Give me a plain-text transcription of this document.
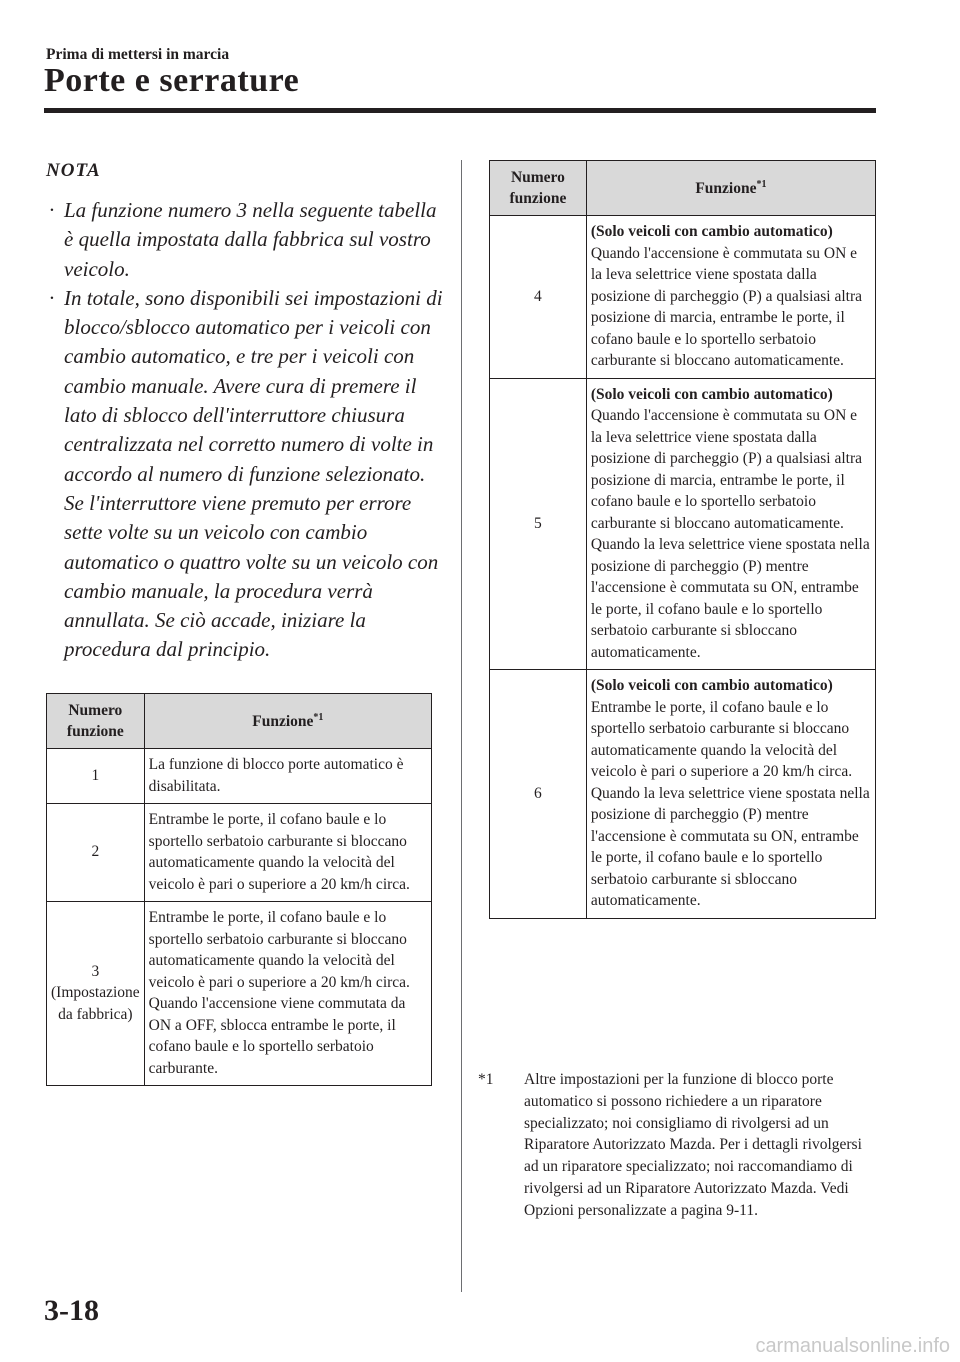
Prima di mettersi in marcia
Porte e serrature
NOTA
· La funzione numero 3 nella seguente tabella è quella impostata dalla fabbrica sul vostro veicolo.
· In totale, sono disponibili sei impostazioni di blocco/sblocco automatico per i veicoli con cambio automatico, e tre per i veicoli con cambio manuale. Avere cura di premere il lato di sblocco dell'interruttore chiusura centralizzata nel corretto numero di volte in accordo al numero di funzione selezionato. Se l'interruttore viene premuto per errore sette volte su un veicolo con cambio automatico o quattro volte su un veicolo con cambio manuale, la procedura verrà annullata. Se ciò accade, iniziare la procedura dal principio.
Numero funzione	Funzione$^{*1}$
1	La funzione di blocco porte automatico è disabilitata.
2	Entrambe le porte, il cofano baule e lo sportello serbatoio carburante si bloccano automaticamente quando la velocità del veicolo è pari o superiore a 20 km/h circa.
3 (Impostazione da fabbrica)	Entrambe le porte, il cofano baule e lo sportello serbatoio carburante si bloccano automaticamente quando la velocità del veicolo è pari o superiore a 20 km/h circa. Quando l'accensione viene commutata da ON a OFF, sblocca entrambe le porte, il cofano baule e lo sportello serbatoio carburante.
Numero funzione	Funzione$^{*1}$
4	(Solo veicoli con cambio automatico)
Quando l'accensione è commutata su ON e la leva selettrice viene spostata dalla posizione di parcheggio (P) a qualsiasi altra posizione di marcia, entrambe le porte, il cofano baule e lo sportello serbatoio carburante si bloccano automaticamente.

5	(Solo veicoli con cambio automatico)
Quando l'accensione è commutata su ON e la leva selettrice viene spostata dalla posizione di parcheggio (P) a qualsiasi altra posizione di marcia, entrambe le porte, il cofano baule e lo sportello serbatoio carburante si bloccano automaticamente. Quando la leva selettrice viene spostata nella posizione di parcheggio (P) mentre l'accensione è commutata su ON, entrambe le porte, il cofano baule e lo sportello serbatoio carburante si sbloccano automaticamente.

6	(Solo veicoli con cambio automatico)
Entrambe le porte, il cofano baule e lo sportello serbatoio carburante si bloccano automaticamente quando la velocità del veicolo è pari o superiore a 20 km/h circa. Quando la leva selettrice viene spostata nella posizione di parcheggio (P) mentre l'accensione è commutata su ON, entrambe le porte, il cofano baule e lo sportello serbatoio carburante si sbloccano automaticamente.
*1	Altre impostazioni per la funzione di blocco porte automatico si possono richiedere a un riparatore specializzato; noi consigliamo di rivolgersi ad un Riparatore Autorizzato Mazda. Per i dettagli rivolgersi ad un riparatore specializzato; noi raccomandiamo di rivolgersi ad un Riparatore Autorizzato Mazda. Vedi Opzioni personalizzate a pagina 9-11.
3-18
carmanualsonline.info
